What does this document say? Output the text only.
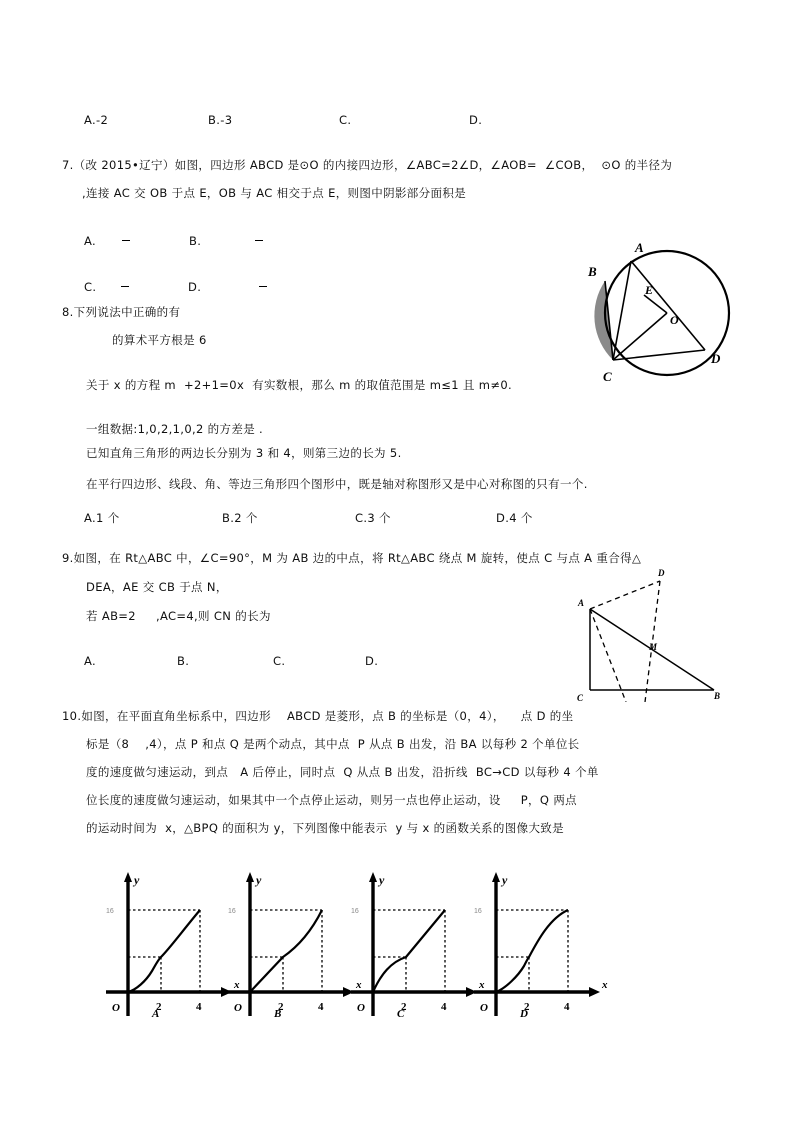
A.-2	B.-3	C.	D.
7.（改 2015•辽宁）如图，四边形 ABCD 是⊙O 的内接四边形，∠ABC=2∠D，∠AOB=  ∠COB，  ⊙O 的半径为
,连接 AC 交 OB 于点 E，OB 与 AC 相交于点 E，则图中阴影部分面积是
A.	B.
C.	D.
A
B
E
O
C
D
8.下列说法中正确的有
的算术平方根是 6
关于 x 的方程 m  +2+1=0x  有实数根，那么 m 的取值范围是 m≤1 且 m≠0.
一组数据:1,0,2,1,0,2 的方差是 .
已知直角三角形的两边长分别为 3 和 4，则第三边的长为 5.
在平行四边形、线段、角、等边三角形四个图形中，既是轴对称图形又是中心对称图的只有一个.
A.1 个	B.2 个	C.3 个	D.4 个
9.如图，在 Rt△ABC 中，∠C=90°，M 为 AB 边的中点，将 Rt△ABC 绕点 M 旋转，使点 C 与点 A 重合得△
DEA，AE 交 CB 于点 N，
若 AB=2     ,AC=4,则 CN 的长为
A.	B.	C.	D.
A
D
M
C	B
10.如图，在平面直角坐标系中，四边形    ABCD 是菱形，点 B 的坐标是（0，4），    点 D 的坐
标是（8    ,4），点 P 和点 Q 是两个动点，其中点  P 从点 B 出发，沿 BA 以每秒 2 个单位长
度的速度做匀速运动，到点   A 后停止，同时点  Q 从点 B 出发，沿折线  BC→CD 以每秒 4 个单
位长度的速度做匀速运动，如果其中一个点停止运动，则另一点也停止运动，设     P，Q 两点
的运动时间为  x，△BPQ 的面积为 y，下列图像中能表示  y 与 x 的函数关系的图像大致是
y
x
O	2	4
16
A
y
x
O	2	4
16
B
y
x
O	2	4
16
C
y
x
O	2	4
16
D
